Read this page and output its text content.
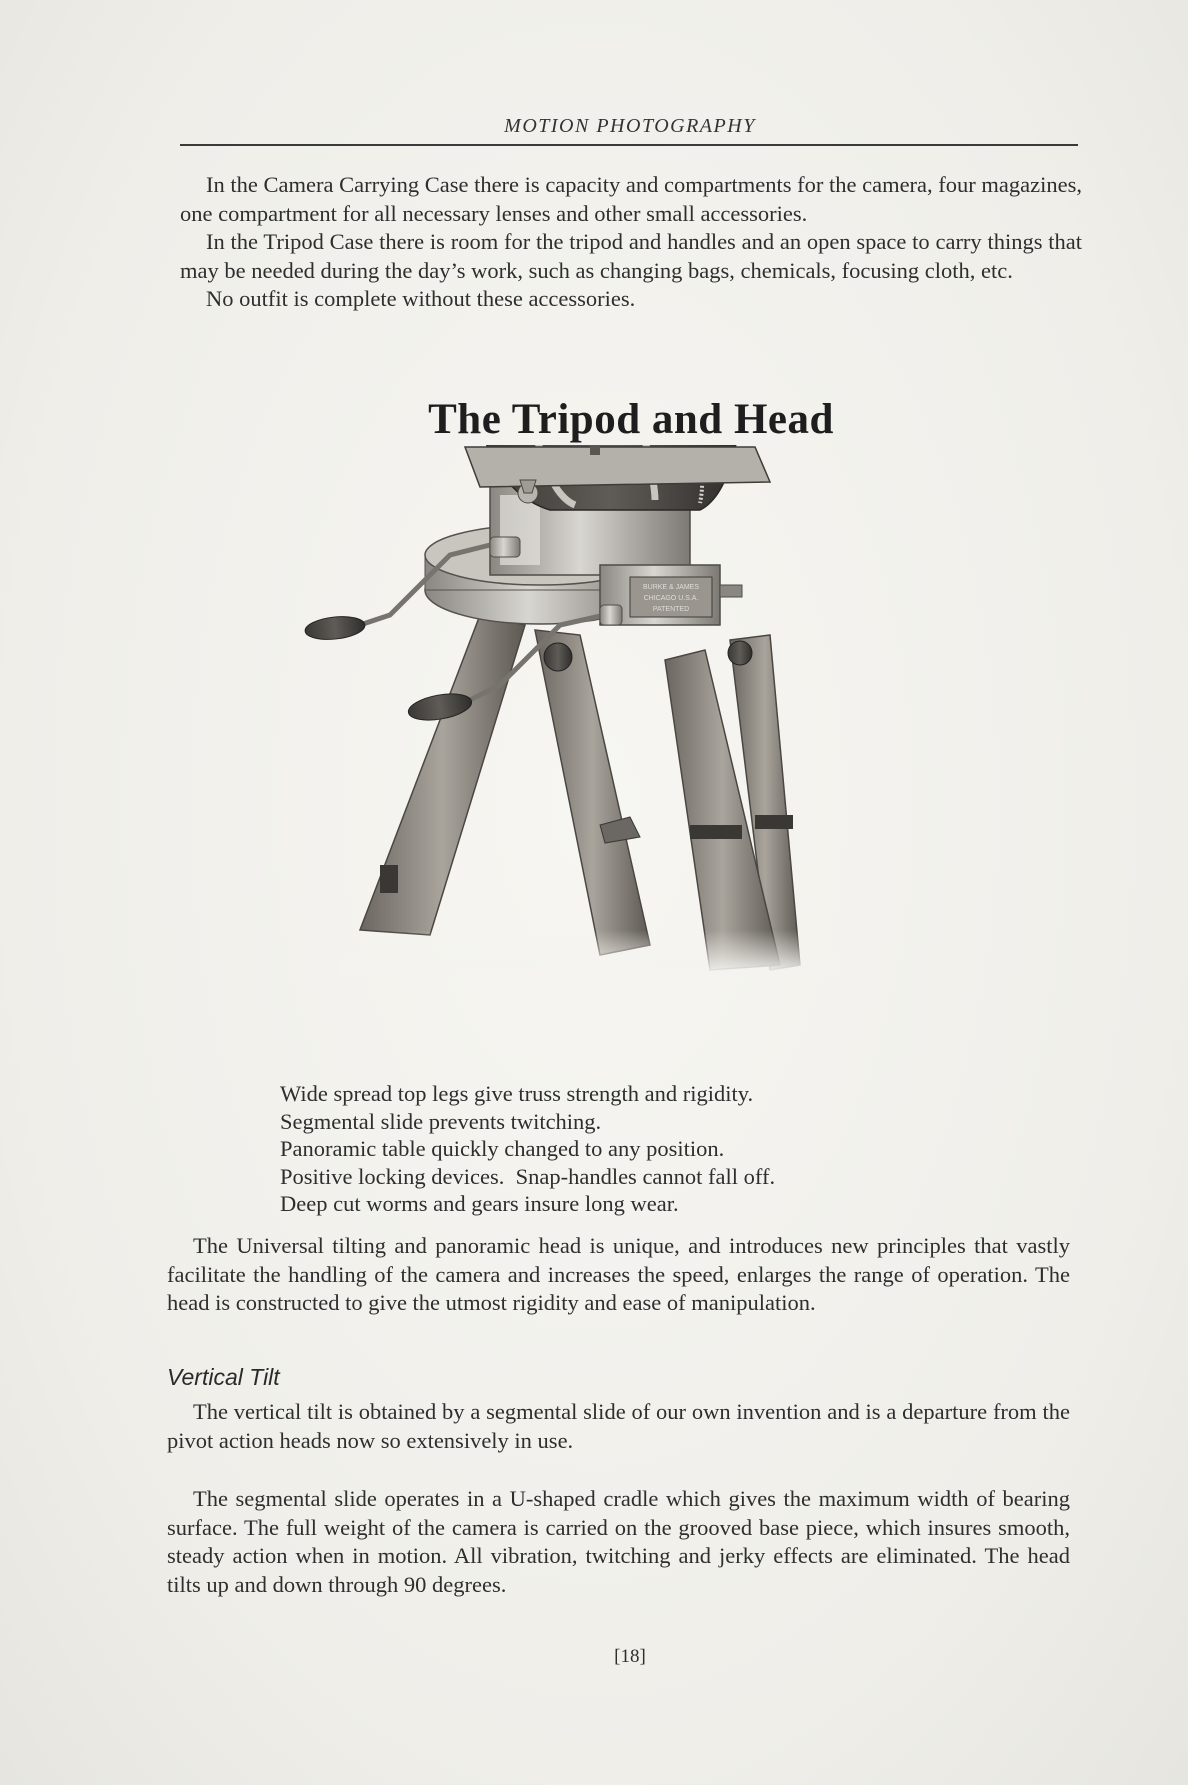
MOTION PHOTOGRAPHY

In the Camera Carrying Case there is capacity and compartments for the camera, four magazines, one compartment for all necessary lenses and other small accessories.

In the Tripod Case there is room for the tripod and handles and an open space to carry things that may be needed during the day’s work, such as changing bags, chemicals, focusing cloth, etc.

No outfit is complete without these accessories.

The Tripod and Head
BURKE & JAMES
CHICAGO U.S.A.
PATENTED
Wide spread top legs give truss strength and rigidity.
Segmental slide prevents twitching.
Panoramic table quickly changed to any position.
Positive locking devices.  Snap-handles cannot fall off.
Deep cut worms and gears insure long wear.

The Universal tilting and panoramic head is unique, and introduces new principles that vastly facilitate the handling of the camera and increases the speed, enlarges the range of operation. The head is constructed to give the utmost rigidity and ease of manipulation.

Vertical Tilt

The vertical tilt is obtained by a segmental slide of our own invention and is a departure from the pivot action heads now so extensively in use.

The segmental slide operates in a U-shaped cradle which gives the maximum width of bearing surface. The full weight of the camera is carried on the grooved base piece, which insures smooth, steady action when in motion. All vibration, twitching and jerky effects are eliminated. The head tilts up and down through 90 degrees.

[18]
